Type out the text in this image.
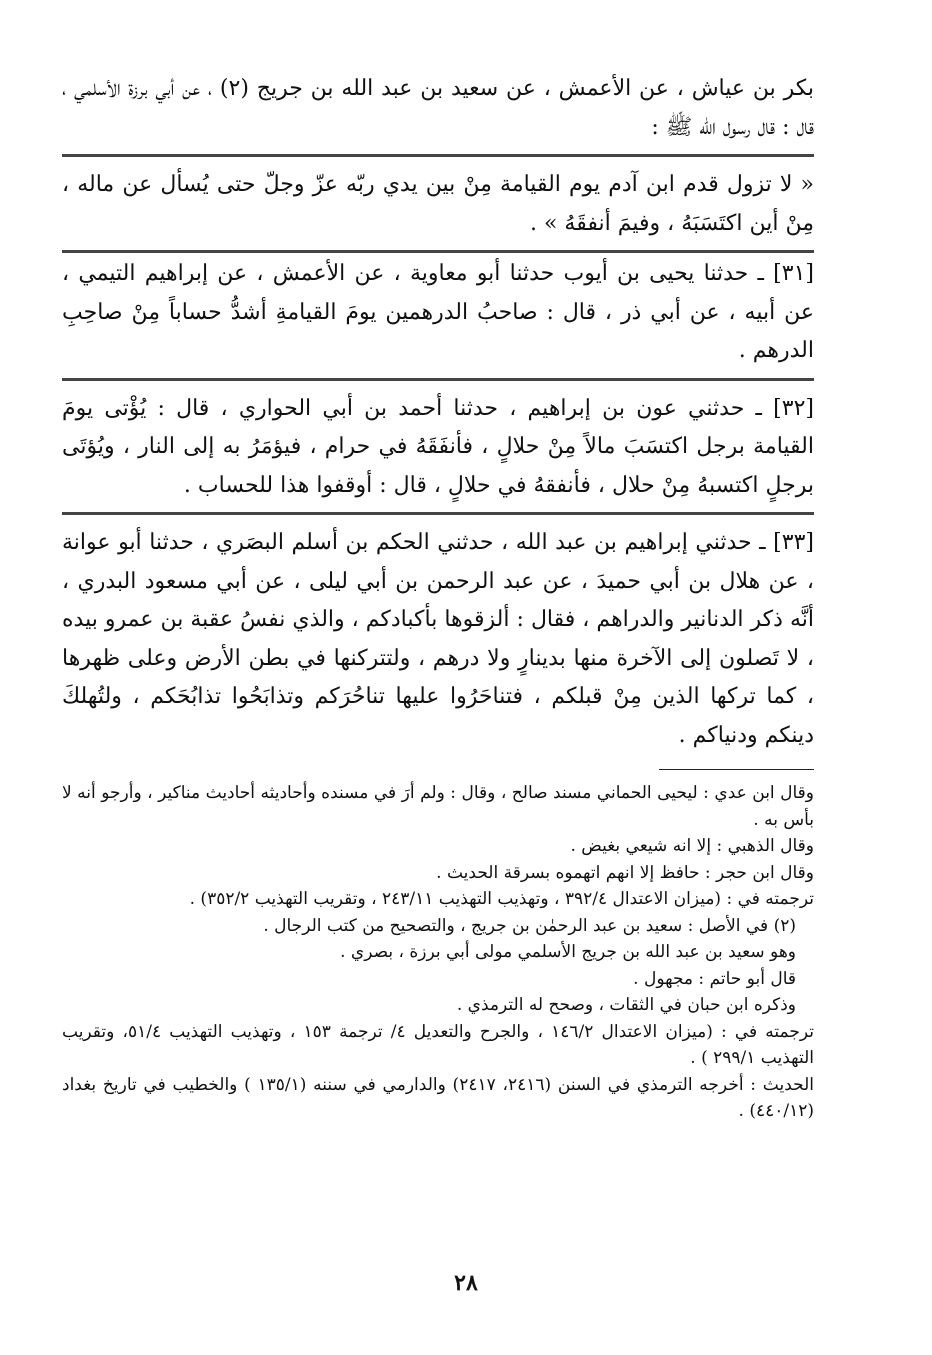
بكر بن عياش ، عن الأعمش ، عن سعيد بن عبد الله بن جريج (٢) ، عن أبي برزة الأسلمي ، قال : قال رسول الله ﷺ :

« لا تزول قدم ابن آدم يوم القيامة مِنْ بين يدي ربّه عزّ وجلّ حتى يُسأل عن ماله ، مِنْ أين اكتَسَبَهُ ، وفيمَ أنفقَهُ » .

[٣١] ـ حدثنا يحيى بن أيوب حدثنا أبو معاوية ، عن الأعمش ، عن إبراهيم التيمي ، عن أبيه ، عن أبي ذر ، قال : صاحبُ الدرهمين يومَ القيامةِ أشدُّ حساباً مِنْ صاحِبِ الدرهم .

[٣٢] ـ حدثني عون بن إبراهيم ، حدثنا أحمد بن أبي الحواري ، قال : يُؤْتى يومَ القيامة برجل اكتسَبَ مالاً مِنْ حلالٍ ، فأنفَقَهُ في حرام ، فيؤمَرُ به إلى النار ، ويُؤتَى برجلٍ اكتسبهُ مِنْ حلال ، فأنفقهُ في حلالٍ ، قال : أوقفوا هذا للحساب .

[٣٣] ـ حدثني إبراهيم بن عبد الله ، حدثني الحكم بن أسلم البصَري ، حدثنا أبو عوانة ، عن هلال بن أبي حميدَ ، عن عبد الرحمن بن أبي ليلى ، عن أبي مسعود البدري ، أنَّه ذكر الدنانير والدراهم ، فقال : ألزقوها بأكبادكم ، والذي نفسُ عقبة بن عمرو بيده ، لا تَصلون إلى الآخرة منها بدينارٍ ولا درهم ، ولتتركنها في بطن الأرض وعلى ظهرها ، كما تركها الذين مِنْ قبلكم ، فتناحَرُوا عليها تناحُرَكم وتذابَحُوا تذابُحَكم ، ولتُهلكَ دينكم ودنياكم .

وقال ابن عدي : ليحيى الحماني مسند صالح ، وقال : ولم أرَ في مسنده وأحاديثه أحاديث مناكير ، وأرجو أنه لا بأس به .

وقال الذهبي : إلا انه شيعي بغيض .

وقال ابن حجر : حافظ إلا انهم اتهموه بسرقة الحديث .

ترجمته في : (ميزان الاعتدال ٣٩٢/٤ ، وتهذيب التهذيب ٢٤٣/١١ ، وتقريب التهذيب ٣٥٢/٢) .

(٢) في الأصل : سعيد بن عبد الرحمٰن بن جريج ، والتصحيح من كتب الرجال .

وهو سعيد بن عبد الله بن جريج الأسلمي مولى أبي برزة ، بصري .

قال أبو حاتم : مجهول .

وذكره ابن حبان في الثقات ، وصحح له الترمذي .

ترجمته في : (ميزان الاعتدال ١٤٦/٢ ، والجرح والتعديل ٤/ ترجمة ١٥٣ ، وتهذيب التهذيب ٥١/٤، وتقريب التهذيب ٢٩٩/١ ) .

الحديث : أخرجه الترمذي في السنن (٢٤١٦، ٢٤١٧) والدارمي في سننه (١٣٥/١ ) والخطيب في تاريخ بغداد (٤٤٠/١٢) .

٢٨
